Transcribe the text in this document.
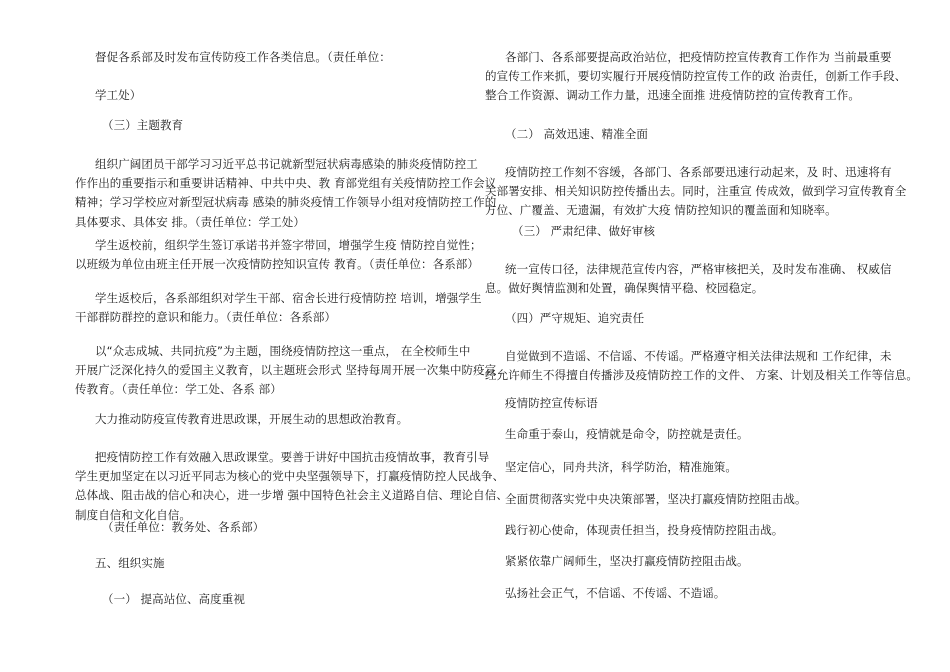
督促各系部及时发布宣传防疫工作各类信息。（责任单位：
学工处）
（三）主题教育
组织广阔团员干部学习习近平总书记就新型冠状病毒感染的肺炎疫情防控工
作作出的重要指示和重要讲话精神、中共中央、教 育部党组有关疫情防控工作会议
精神；学习学校应对新型冠状病毒 感染的肺炎疫情工作领导小组对疫情防控工作的
具体要求、具体安 排。（责任单位：学工处）
学生返校前，组织学生签订承诺书并签字带回，增强学生疫 情防控自觉性；
以班级为单位由班主任开展一次疫情防控知识宣传 教育。（责任单位：各系部）
学生返校后，各系部组织对学生干部、宿舍长进行疫情防控 培训，增强学生
干部群防群控的意识和能力。（责任单位：各系部）
以“众志成城、共同抗疫”为主题，围绕疫情防控这一重点， 在全校师生中
开展广泛深化持久的爱国主义教育，以主题班会形式 坚持每周开展一次集中防疫宣
传教育。（责任单位：学工处、各系 部）
大力推动防疫宣传教育进思政课，开展生动的思想政治教育。
把疫情防控工作有效融入思政课堂。要善于讲好中国抗击疫情故事，教育引导
学生更加坚定在以习近平同志为核心的党中央坚强领导下，打赢疫情防控人民战争、
总体战、阻击战的信心和决心，进一步增 强中国特色社会主义道路自信、理论自信、
制度自信和文化自信。
（责任单位：教务处、各系部）
五、组织实施
（一） 提高站位、高度重视
各部门、各系部要提高政治站位，把疫情防控宣传教育工作作为 当前最重要
的宣传工作来抓，要切实履行开展疫情防控宣传工作的政 治责任，创新工作手段、
整合工作资源、调动工作力量，迅速全面推 进疫情防控的宣传教育工作。
（二） 高效迅速、精准全面
疫情防控工作刻不容缓，各部门、各系部要迅速行动起来，及 时、迅速将有
关部署安排、相关知识防控传播出去。同时，注重宣 传成效，做到学习宣传教育全
方位、广覆盖、无遗漏，有效扩大疫 情防控知识的覆盖面和知晓率。
（三） 严肃纪律、做好审核
统一宣传口径，法律规范宣传内容，严格审核把关，及时发布准确、 权威信
息。做好舆情监测和处置，确保舆情平稳、校园稳定。
（四）严守规矩、追究责任
自觉做到不造谣、不信谣、不传谣。严格遵守相关法律法规和 工作纪律，未
经允许师生不得擅自传播涉及疫情防控工作的文件、 方案、计划及相关工作等信息。
疫情防控宣传标语
生命重于泰山，疫情就是命令，防控就是责任。
坚定信心，同舟共济，科学防治，精准施策。
全面贯彻落实党中央决策部署，坚决打赢疫情防控阻击战。
践行初心使命，体现责任担当，投身疫情防控阻击战。
紧紧依靠广阔师生，坚决打赢疫情防控阻击战。
弘扬社会正气，不信谣、不传谣、不造谣。
